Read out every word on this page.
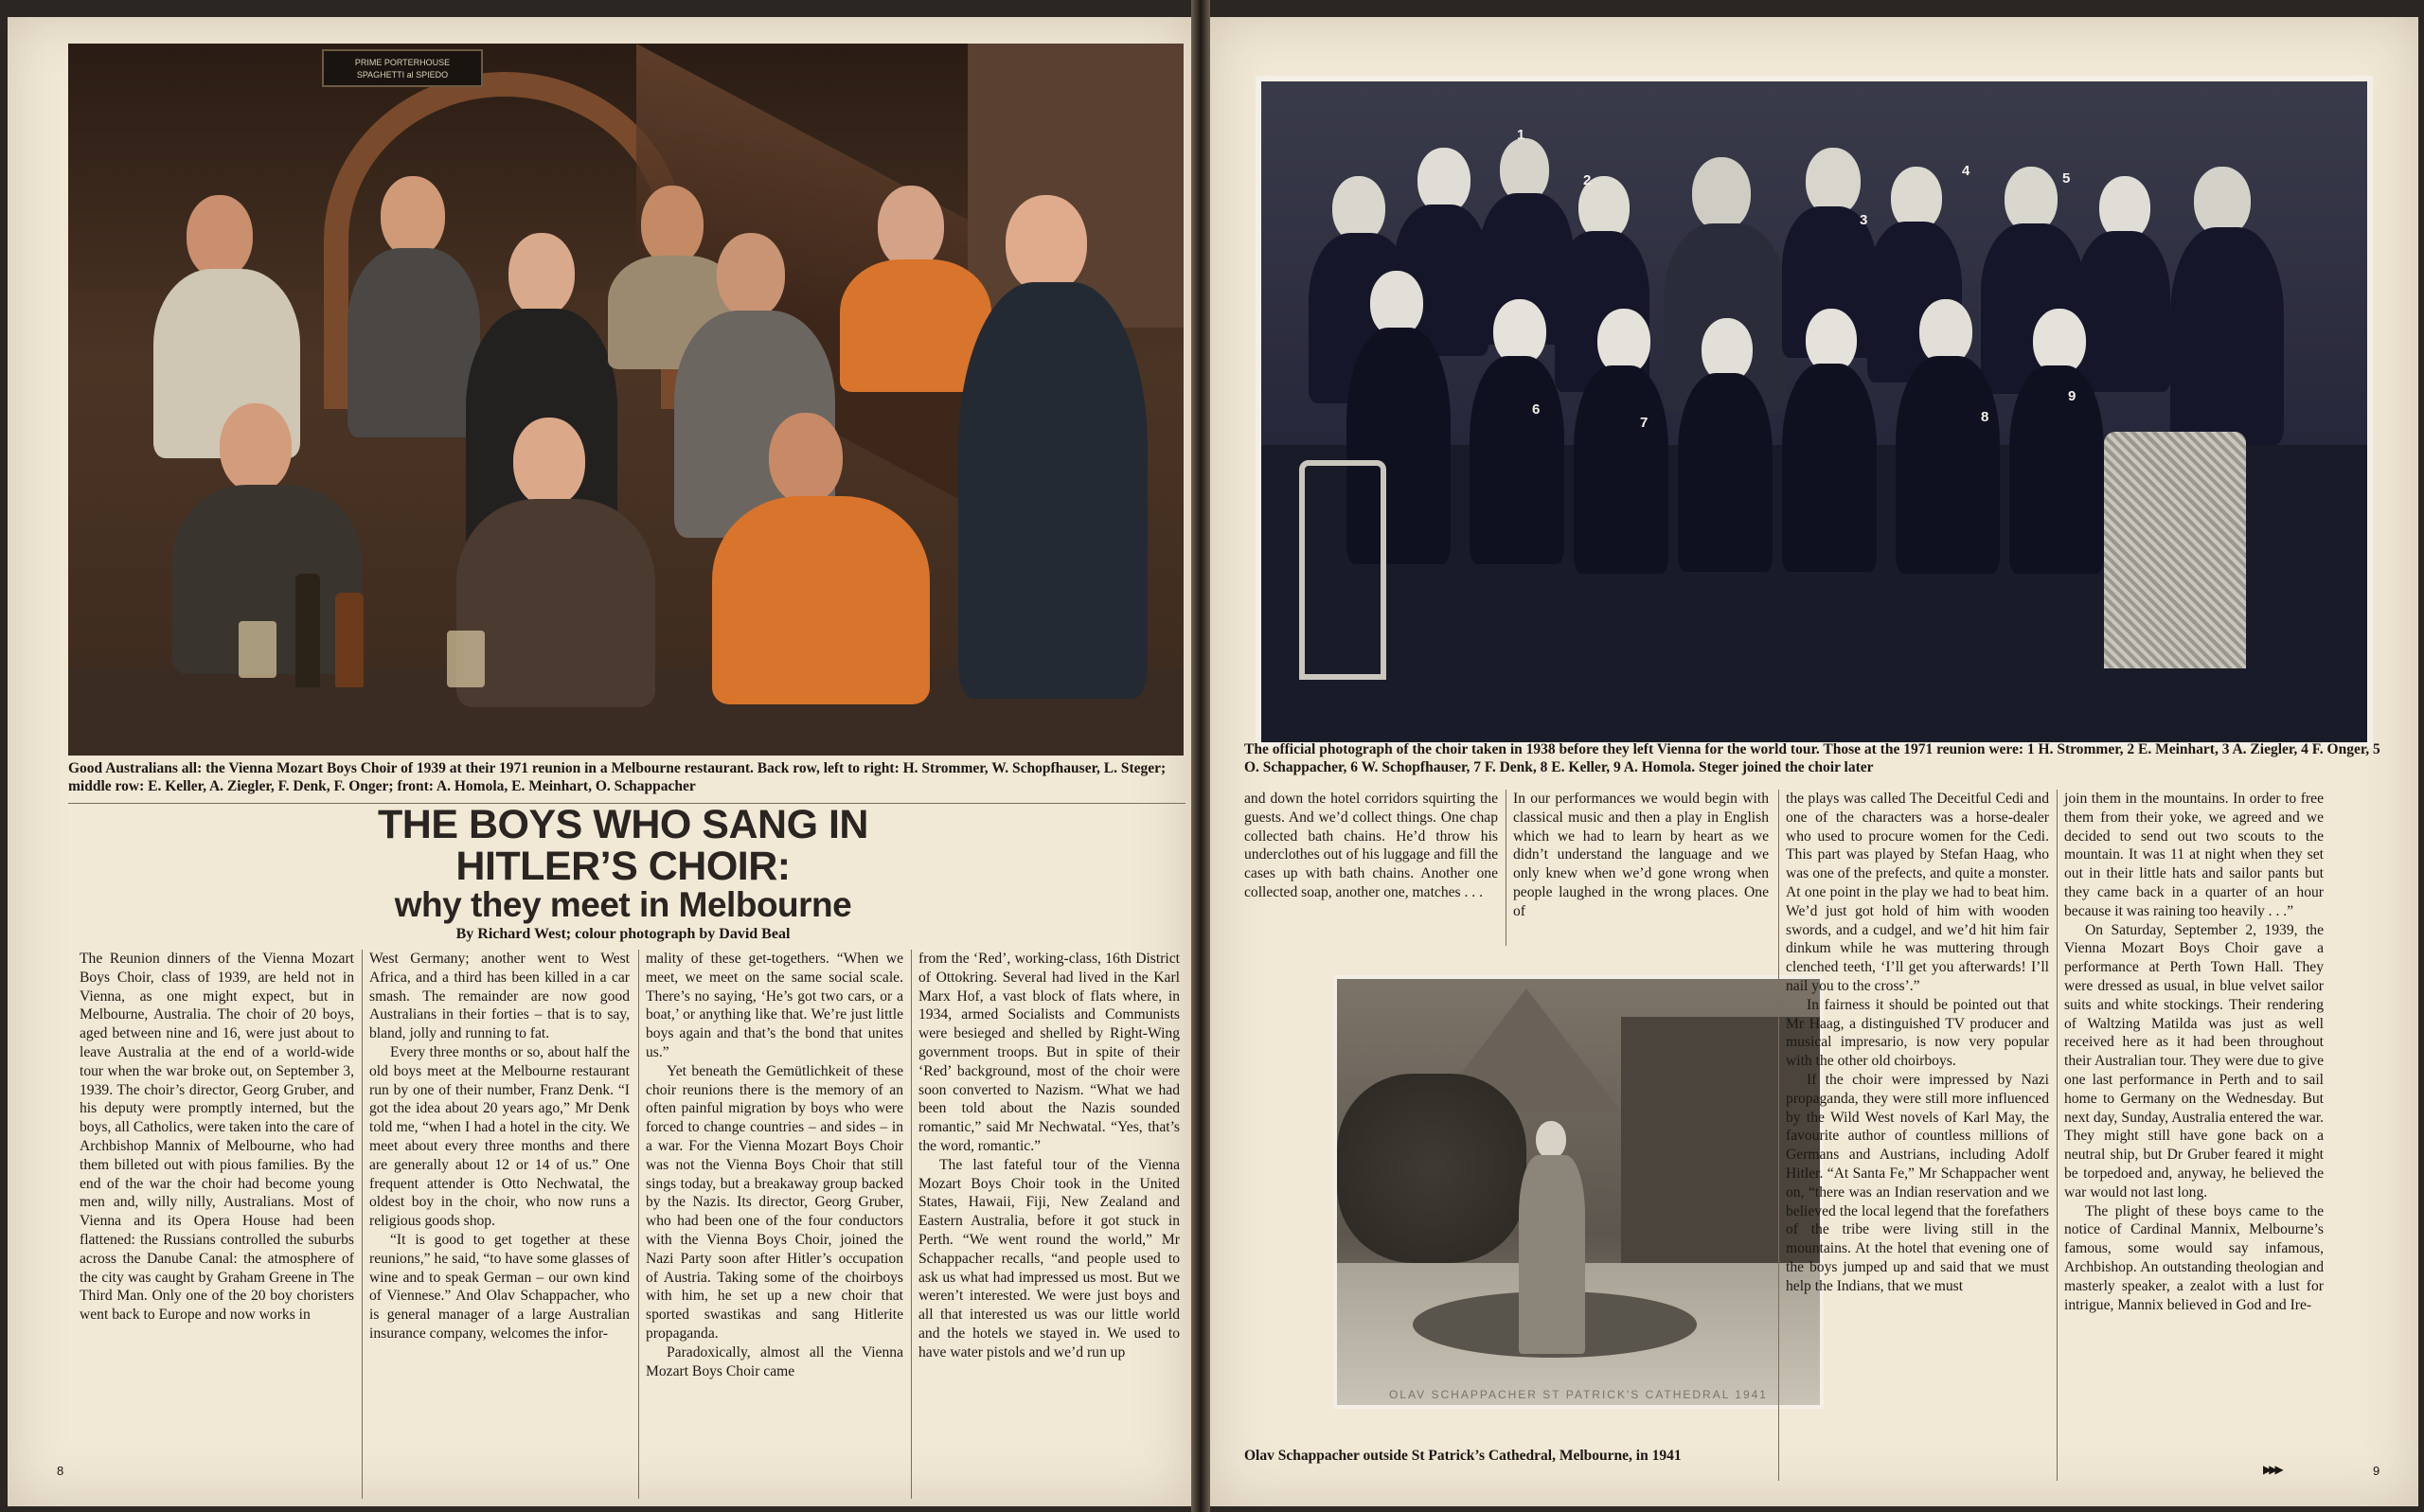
PRIME PORTERHOUSE
SPAGHETTI al SPIEDO
Good Australians all: the Vienna Mozart Boys Choir of 1939 at their 1971 reunion in a Melbourne restaurant. Back row, left to right: H. Strommer, W. Schopfhauser, L. Steger; middle row: E. Keller, A. Ziegler, F. Denk, F. Onger; front: A. Homola, E. Meinhart, O. Schappacher
THE BOYS WHO SANG IN
HITLER’S CHOIR:
why they meet in Melbourne
By Richard West; colour photograph by David Beal

The Reunion dinners of the Vienna Mozart Boys Choir, class of 1939, are held not in Vienna, as one might expect, but in Melbourne, Australia. The choir of 20 boys, aged between nine and 16, were just about to leave Australia at the end of a world-wide tour when the war broke out, on September 3, 1939. The choir’s director, Georg Gruber, and his deputy were promptly interned, but the boys, all Catholics, were taken into the care of Archbishop Mannix of Melbourne, who had them billeted out with pious families. By the end of the war the choir had become young men and, willy nilly, Australians. Most of Vienna and its Opera House had been flattened: the Russians controlled the suburbs across the Danube Canal: the atmosphere of the city was caught by Graham Greene in The Third Man. Only one of the 20 boy choristers went back to Europe and now works in

West Germany; another went to West Africa, and a third has been killed in a car smash. The remainder are now good Australians in their forties – that is to say, bland, jolly and running to fat.

Every three months or so, about half the old boys meet at the Melbourne restaurant run by one of their number, Franz Denk. “I got the idea about 20 years ago,” Mr Denk told me, “when I had a hotel in the city. We meet about every three months and there are generally about 12 or 14 of us.” One frequent attender is Otto Nechwatal, the oldest boy in the choir, who now runs a religious goods shop.

“It is good to get together at these reunions,” he said, “to have some glasses of wine and to speak German – our own kind of Viennese.” And Olav Schappacher, who is general manager of a large Australian insurance company, welcomes the infor-

mality of these get-togethers. “When we meet, we meet on the same social scale. There’s no saying, ‘He’s got two cars, or a boat,’ or anything like that. We’re just little boys again and that’s the bond that unites us.”

Yet beneath the Gemütlichkeit of these choir reunions there is the memory of an often painful migration by boys who were forced to change countries – and sides – in a war. For the Vienna Mozart Boys Choir was not the Vienna Boys Choir that still sings today, but a breakaway group backed by the Nazis. Its director, Georg Gruber, who had been one of the four conductors with the Vienna Boys Choir, joined the Nazi Party soon after Hitler’s occupation of Austria. Taking some of the choirboys with him, he set up a new choir that sported swastikas and sang Hitlerite propaganda.

Paradoxically, almost all the Vienna Mozart Boys Choir came

from the ‘Red’, working-class, 16th District of Ottokring. Several had lived in the Karl Marx Hof, a vast block of flats where, in 1934, armed Socialists and Communists were besieged and shelled by Right-Wing government troops. But in spite of their ‘Red’ background, most of the choir were soon converted to Nazism. “What we had been told about the Nazis sounded romantic,” said Mr Nechwatal. “Yes, that’s the word, romantic.”

The last fateful tour of the Vienna Mozart Boys Choir took in the United States, Hawaii, Fiji, New Zealand and Eastern Australia, before it got stuck in Perth. “We went round the world,” Mr Schappacher recalls, “and people used to ask us what had impressed us most. But we weren’t interested. We were just boys and all that interested us was our little world and the hotels we stayed in. We used to have water pistols and we’d run up

8
1
2
3
4	5
6
7	8
9
The official photograph of the choir taken in 1938 before they left Vienna for the world tour. Those at the 1971 reunion were: 1 H. Strommer, 2 E. Meinhart, 3 A. Ziegler, 4 F. Onger, 5 O. Schappacher, 6 W. Schopfhauser, 7 F. Denk, 8 E. Keller, 9 A. Homola. Steger joined the choir later

and down the hotel corridors squirting the guests. And we’d collect things. One chap collected bath chains. He’d throw his underclothes out of his luggage and fill the cases up with bath chains. Another one collected soap, another one, matches . . .

In our performances we would begin with classical music and then a play in English which we had to learn by heart as we didn’t understand the language and we only knew when we’d gone wrong when people laughed in the wrong places. One of

OLAV SCHAPPACHER ST PATRICK'S CATHEDRAL 1941
Olav Schappacher outside St Patrick’s Cathedral, Melbourne, in 1941

the plays was called The Deceitful Cedi and one of the characters was a horse-dealer who used to procure women for the Cedi. This part was played by Stefan Haag, who was one of the prefects, and quite a monster. At one point in the play we had to beat him. We’d just got hold of him with wooden swords, and a cudgel, and we’d hit him fair dinkum while he was muttering through clenched teeth, ‘I’ll get you afterwards! I’ll nail you to the cross’.”

In fairness it should be pointed out that Mr Haag, a distinguished TV producer and musical impresario, is now very popular with the other old choirboys.

If the choir were impressed by Nazi propaganda, they were still more influenced by the Wild West novels of Karl May, the favourite author of countless millions of Germans and Austrians, including Adolf Hitler. “At Santa Fe,” Mr Schappacher went on, “there was an Indian reservation and we believed the local legend that the forefathers of the tribe were living still in the mountains. At the hotel that evening one of the boys jumped up and said that we must help the Indians, that we must

join them in the mountains. In order to free them from their yoke, we agreed and we decided to send out two scouts to the mountain. It was 11 at night when they set out in their little hats and sailor pants but they came back in a quarter of an hour because it was raining too heavily . . .”

On Saturday, September 2, 1939, the Vienna Mozart Boys Choir gave a performance at Perth Town Hall. They were dressed as usual, in blue velvet sailor suits and white stockings. Their rendering of Waltzing Matilda was just as well received here as it had been throughout their Australian tour. They were due to give one last performance in Perth and to sail home to Germany on the Wednesday. But next day, Sunday, Australia entered the war. They might still have gone back on a neutral ship, but Dr Gruber feared it might be torpedoed and, anyway, he believed the war would not last long.

The plight of these boys came to the notice of Cardinal Mannix, Melbourne’s famous, some would say infamous, Archbishop. An outstanding theologian and masterly speaker, a zealot with a lust for intrigue, Mannix believed in God and Ire-

▶▶▶	9
